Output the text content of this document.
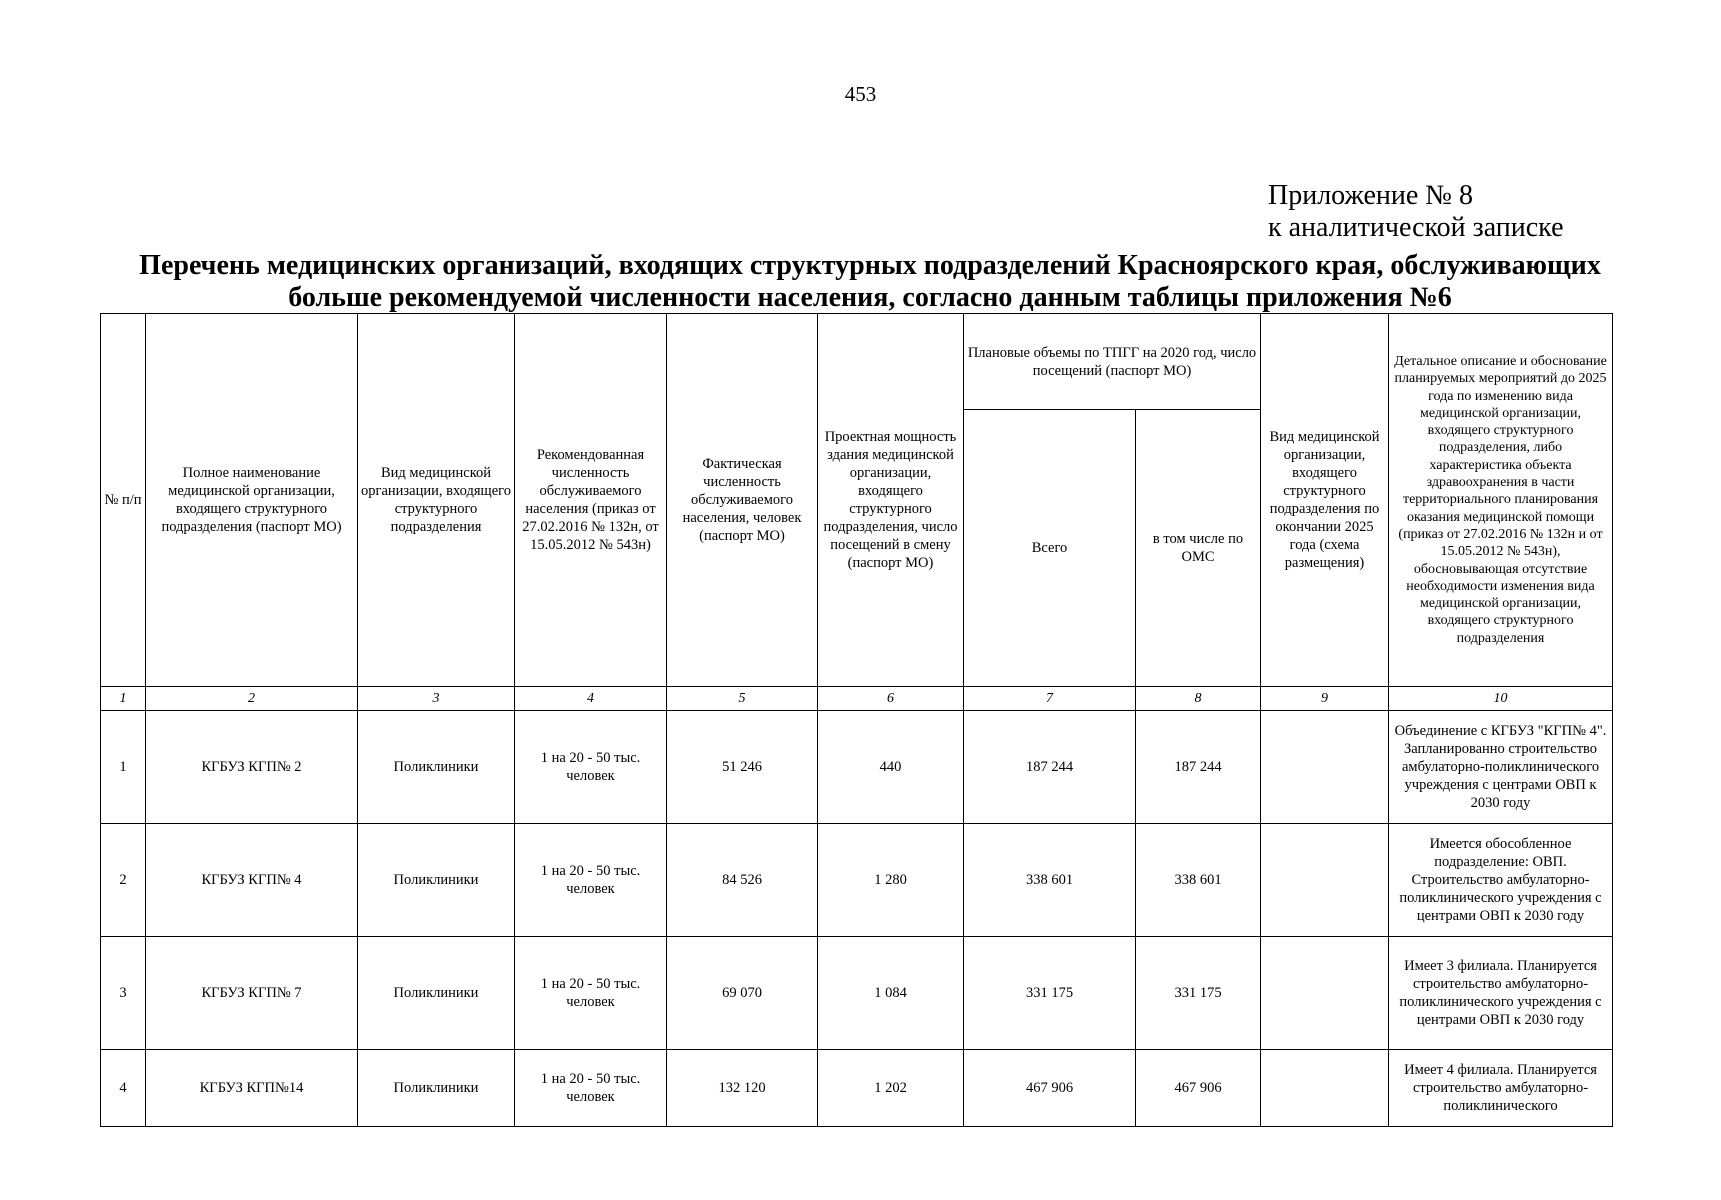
453
Приложение № 8
к аналитической записке
Перечень медицинских организаций, входящих структурных подразделений Красноярского края, обслуживающих
больше рекомендуемой численности населения, согласно данным таблицы приложения №6
№ п/п	Полное наименование медицинской организации, входящего структурного подразделения (паспорт МО)	Вид медицинской организации, входящего структурного подразделения	Рекомендованная численность обслуживаемого населения (приказ от 27.02.2016 № 132н, от 15.05.2012 № 543н)	Фактическая численность обслуживаемого населения, человек (паспорт МО)	Проектная мощность здания медицинской организации, входящего структурного подразделения, число посещений в смену (паспорт МО)	Плановые объемы по ТПГГ на 2020 год, число посещений (паспорт МО)		Вид медицинской организации, входящего структурного подразделения по окончании 2025 года (схема размещения)	Детальное описание и обоснование планируемых мероприятий до 2025 года по изменению вида медицинской организации, входящего структурного подразделения, либо характеристика объекта здравоохранения в части территориального планирования оказания медицинской помощи (приказ от 27.02.2016 № 132н и от 15.05.2012 № 543н), обосновывающая отсутствие необходимости изменения вида медицинской организации, входящего структурного подразделения
						Всего	в том числе по ОМС		
1	2	3	4	5	6	7	8	9	10
1	КГБУЗ КГП№ 2	Поликлиники	1 на 20 - 50 тыс. человек	51 246	440	187 244	187 244		Объединение с КГБУЗ "КГП№ 4". Запланированно строительство амбулаторно-поликлинического учреждения с центрами ОВП к 2030 году
2	КГБУЗ КГП№ 4	Поликлиники	1 на 20 - 50 тыс. человек	84 526	1 280	338 601	338 601		Имеется обособленное подразделение: ОВП. Строительство амбулаторно-поликлинического учреждения с центрами ОВП к 2030 году
3	КГБУЗ КГП№ 7	Поликлиники	1 на 20 - 50 тыс. человек	69 070	1 084	331 175	331 175		Имеет 3 филиала. Планируется строительство амбулаторно-поликлинического учреждения с центрами ОВП к 2030 году
4	КГБУЗ КГП№14	Поликлиники	1 на 20 - 50 тыс. человек	132 120	1 202	467 906	467 906		Имеет 4 филиала. Планируется строительство амбулаторно-поликлинического
